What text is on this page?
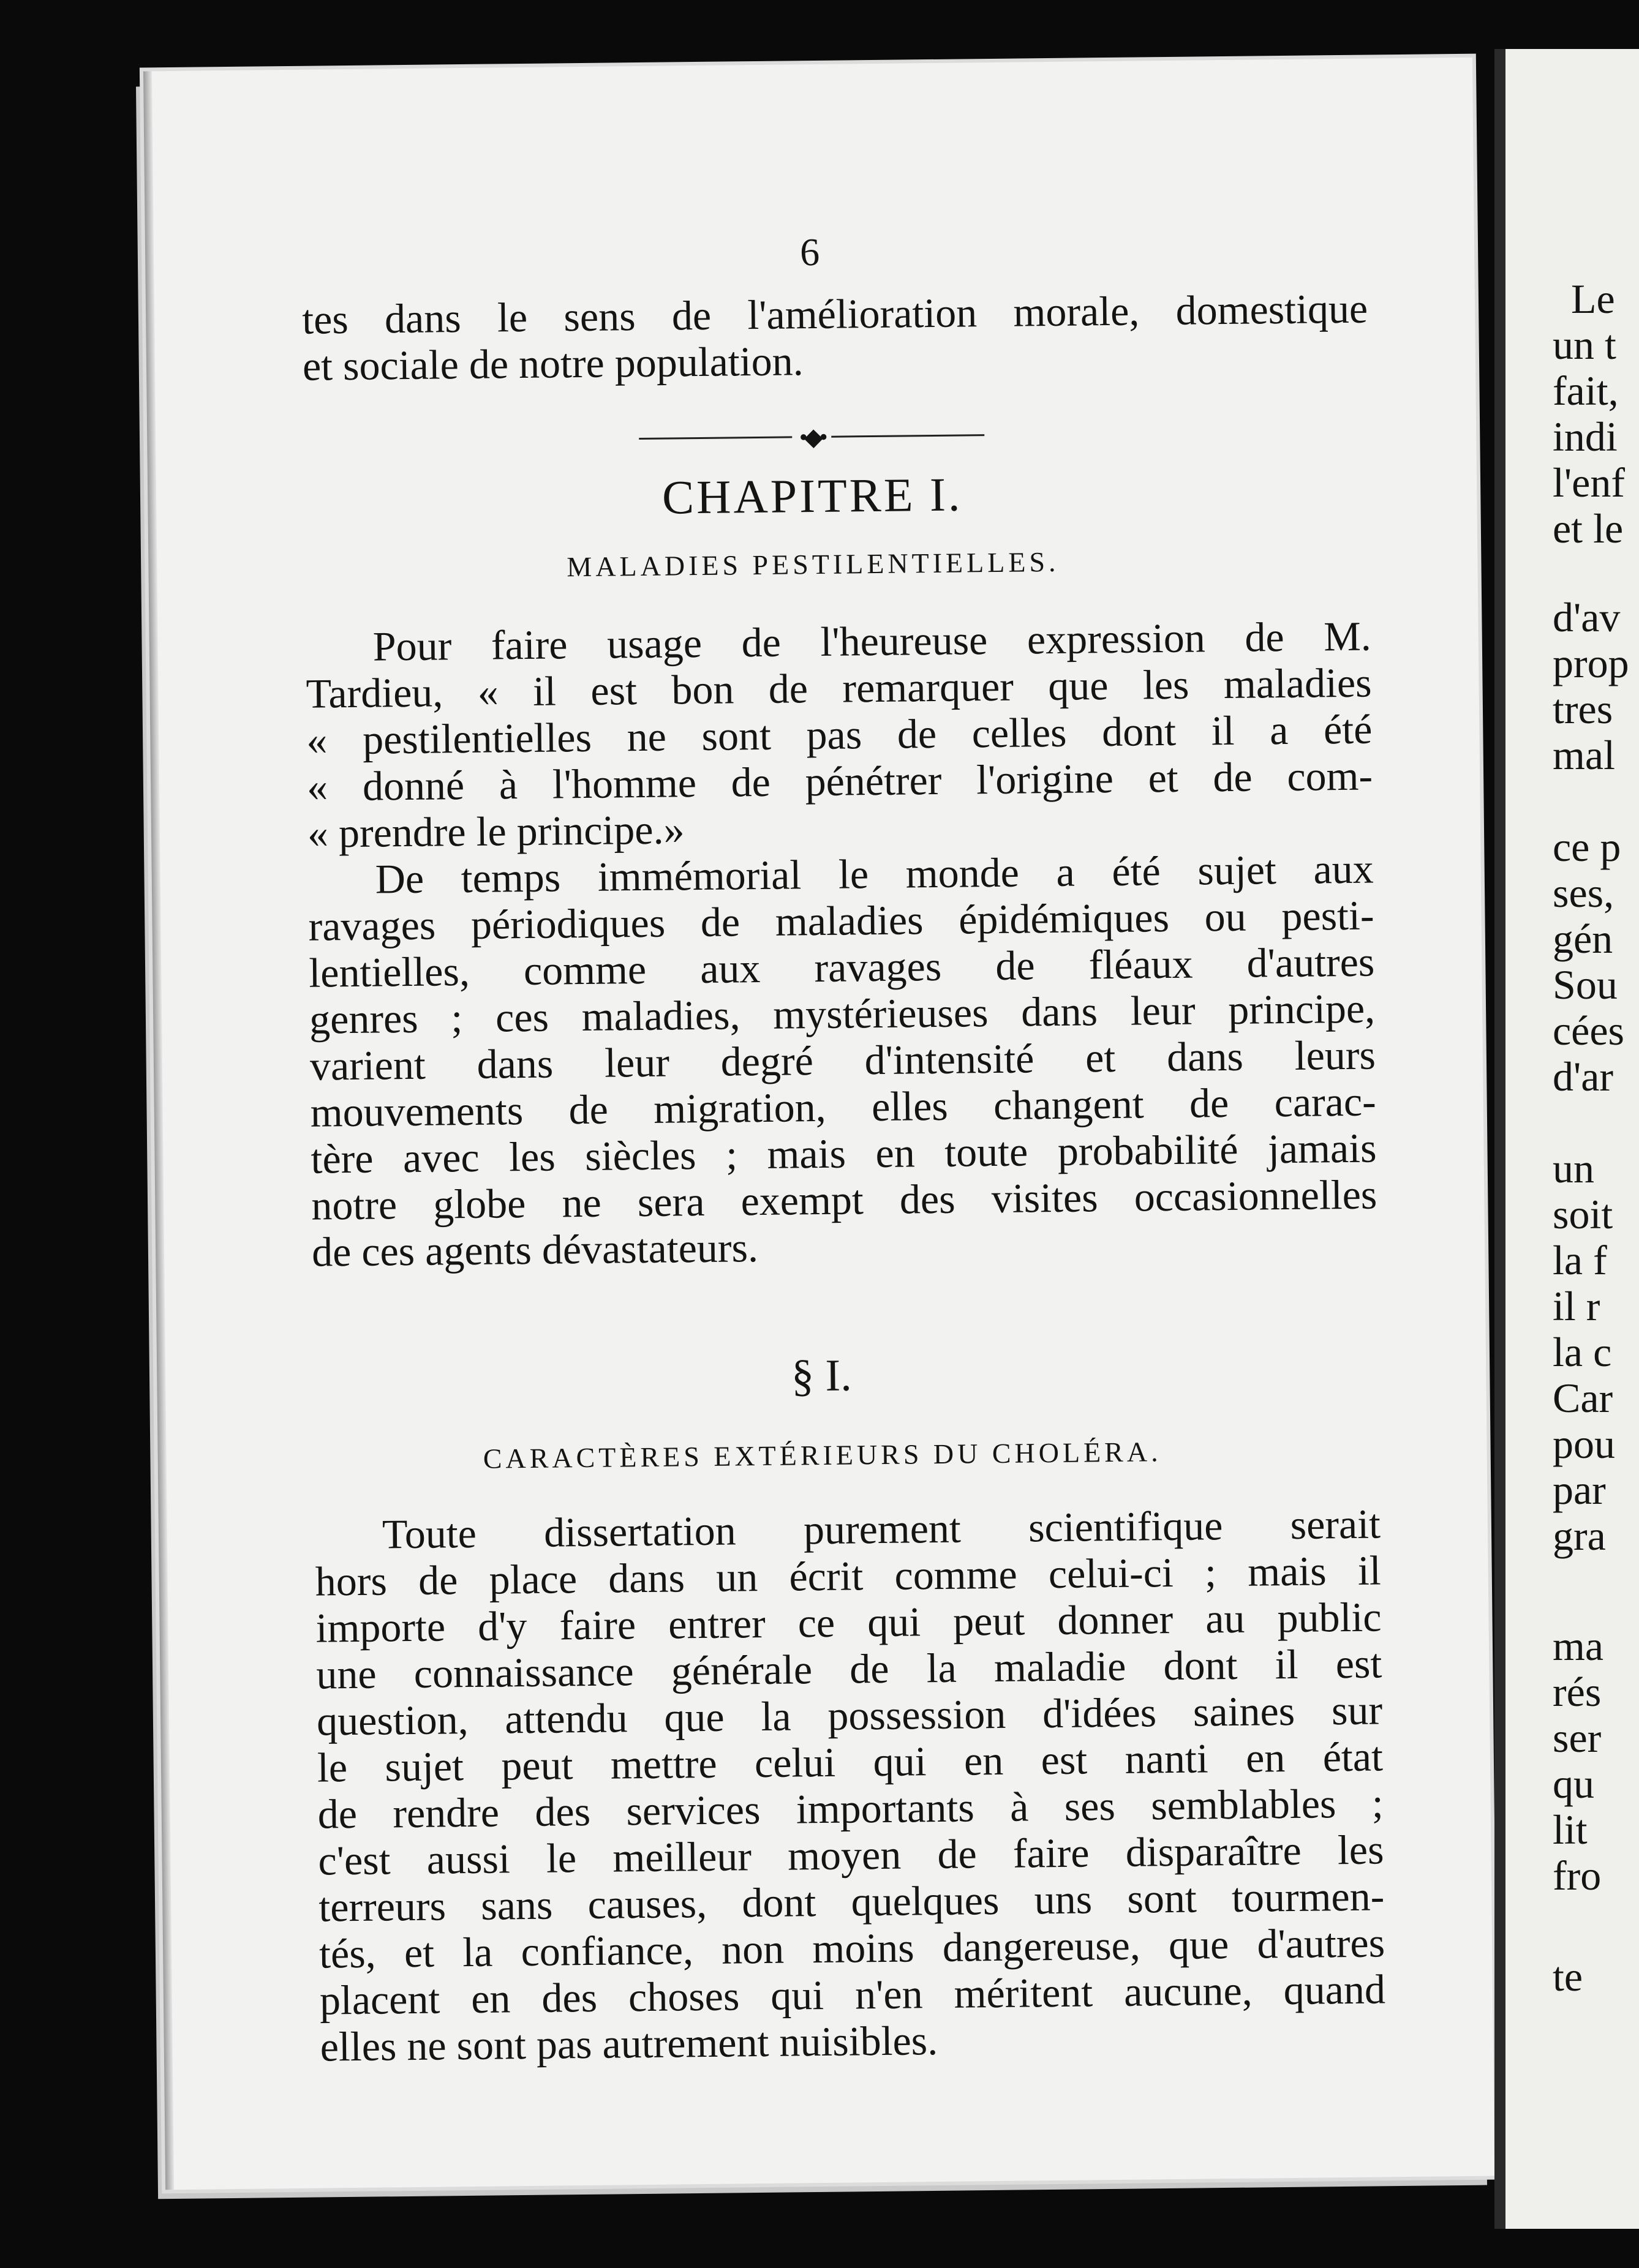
6
tes dans le sens de l'amélioration morale, domestique
et sociale de notre population.
•◆•
CHAPITRE I.
MALADIES PESTILENTIELLES.
Pour faire usage de l'heureuse expression de M.
Tardieu, « il est bon de remarquer que les maladies
« pestilentielles ne sont pas de celles dont il a été
« donné à l'homme de pénétrer l'origine et de com-
« prendre le principe.»
De temps immémorial le monde a été sujet aux
ravages périodiques de maladies épidémiques ou pesti-
lentielles, comme aux ravages de fléaux d'autres
genres ; ces maladies, mystérieuses dans leur principe,
varient dans leur degré d'intensité et dans leurs
mouvements de migration, elles changent de carac-
tère avec les siècles ; mais en toute probabilité jamais
notre globe ne sera exempt des visites occasionnelles
de ces agents dévastateurs.
§ I.
CARACTÈRES EXTÉRIEURS DU CHOLÉRA.
Toute dissertation purement scientifique serait
hors de place dans un écrit comme celui-ci ; mais il
importe d'y faire entrer ce qui peut donner au public
une connaissance générale de la maladie dont il est
question, attendu que la possession d'idées saines sur
le sujet peut mettre celui qui en est nanti en état
de rendre des services importants à ses semblables ;
c'est aussi le meilleur moyen de faire disparaître les
terreurs sans causes, dont quelques uns sont tourmen-
tés, et la confiance, non moins dangereuse, que d'autres
placent en des choses qui n'en méritent aucune, quand
elles ne sont pas autrement nuisibles.

Le

un t

fait,

indi

l'enf

et le

d'av

prop

tres

mal

ce p

ses,

gén

Sou

cées

d'ar

un

soit

la f

il r

la c

Car

pou

par

gra

ma

rés

ser

qu

lit

fro

te
